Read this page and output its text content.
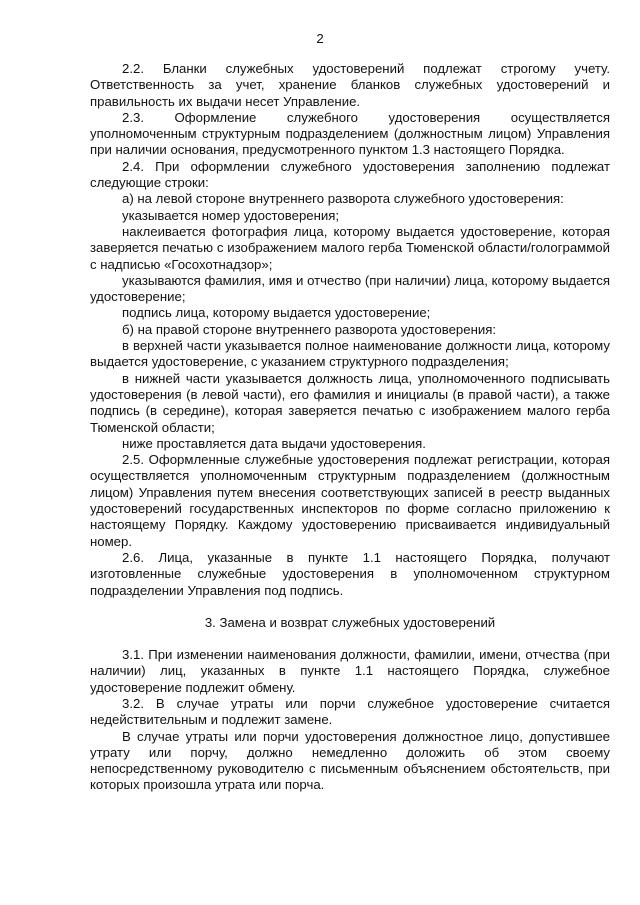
2

2.2. Бланки служебных удостоверений подлежат строгому учету. Ответственность за учет, хранение бланков служебных удостоверений и правильность их выдачи несет Управление.

2.3. Оформление служебного удостоверения осуществляется уполномоченным структурным подразделением (должностным лицом) Управления при наличии основания, предусмотренного пунктом 1.3 настоящего Порядка.

2.4. При оформлении служебного удостоверения заполнению подлежат следующие строки:

а) на левой стороне внутреннего разворота служебного удостоверения:

указывается номер удостоверения;

наклеивается фотография лица, которому выдается удостоверение, которая заверяется печатью с изображением малого герба Тюменской области/голограммой с надписью «Госохотнадзор»;

указываются фамилия, имя и отчество (при наличии) лица, которому выдается удостоверение;

подпись лица, которому выдается удостоверение;

б) на правой стороне внутреннего разворота удостоверения:

в верхней части указывается полное наименование должности лица, которому выдается удостоверение, с указанием структурного подразделения;

в нижней части указывается должность лица, уполномоченного подписывать удостоверения (в левой части), его фамилия и инициалы (в правой части), а также подпись (в середине), которая заверяется печатью с изображением малого герба Тюменской области;

ниже проставляется дата выдачи удостоверения.

2.5. Оформленные служебные удостоверения подлежат регистрации, которая осуществляется уполномоченным структурным подразделением (должностным лицом) Управления путем внесения соответствующих записей в реестр выданных удостоверений государственных инспекторов по форме согласно приложению к настоящему Порядку. Каждому удостоверению присваивается индивидуальный номер.

2.6. Лица, указанные в пункте 1.1 настоящего Порядка, получают изготовленные служебные удостоверения в уполномоченном структурном подразделении Управления под подпись.

3. Замена и возврат служебных удостоверений

3.1. При изменении наименования должности, фамилии, имени, отчества (при наличии) лиц, указанных в пункте 1.1 настоящего Порядка, служебное удостоверение подлежит обмену.

3.2. В случае утраты или порчи служебное удостоверение считается недействительным и подлежит замене.

В случае утраты или порчи удостоверения должностное лицо, допустившее утрату или порчу, должно немедленно доложить об этом своему непосредственному руководителю с письменным объяснением обстоятельств, при которых произошла утрата или порча.
